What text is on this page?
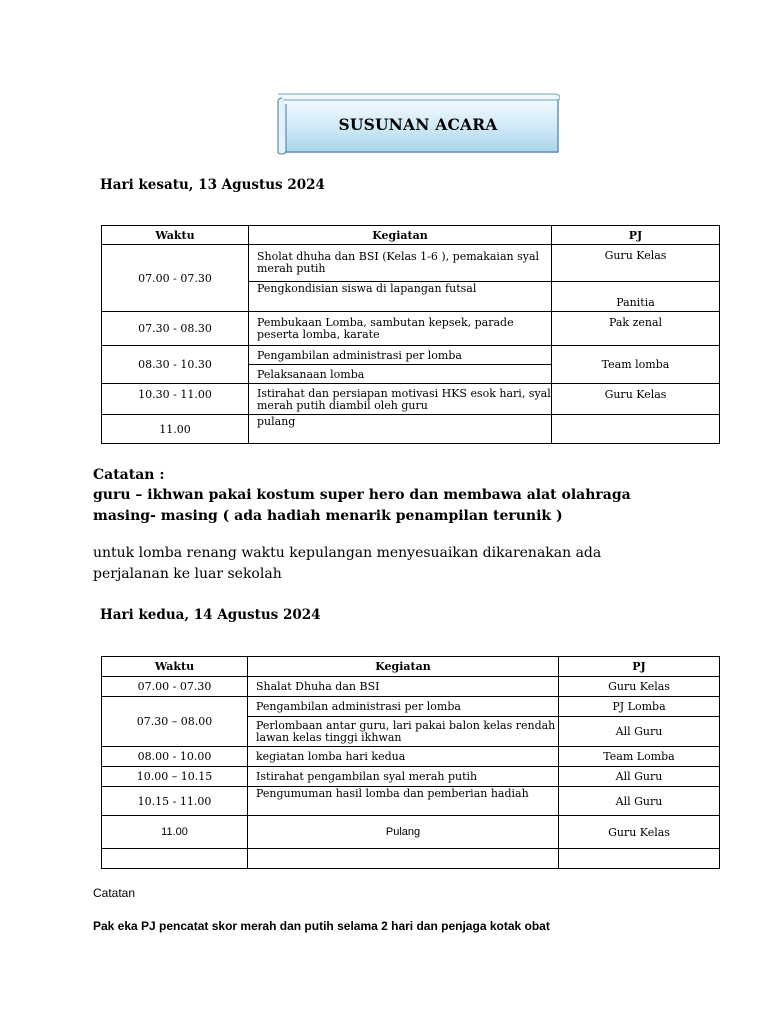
SUSUNAN ACARA
Hari kesatu, 13 Agustus 2024
Waktu	Kegiatan	PJ
07.00 - 07.30	Sholat dhuha dan BSI (Kelas 1-6 ), pemakaian syal merah putih	Guru Kelas
	Pengkondisian siswa di lapangan futsal	Panitia
07.30 - 08.30	Pembukaan Lomba, sambutan kepsek, parade peserta lomba, karate	Pak zenal
08.30 - 10.30	Pengambilan administrasi per lomba	Team lomba
	Pelaksanaan lomba	
10.30 - 11.00	Istirahat dan persiapan motivasi HKS esok hari, syal merah putih diambil oleh guru	Guru Kelas
11.00	pulang	
Catatan :
guru – ikhwan pakai kostum super hero dan membawa alat olahraga
masing- masing ( ada hadiah menarik penampilan terunik )
untuk lomba renang waktu kepulangan menyesuaikan dikarenakan ada
perjalanan ke luar sekolah
Hari kedua, 14 Agustus 2024
Waktu	Kegiatan	PJ
07.00 - 07.30	Shalat Dhuha dan BSI	Guru Kelas
07.30 – 08.00	Pengambilan administrasi per lomba	PJ Lomba

	Perlombaan antar guru, lari pakai balon kelas rendah lawan kelas tinggi ikhwan	All Guru
08.00 - 10.00	kegiatan lomba hari kedua	Team Lomba
10.00 – 10.15	Istirahat pengambilan syal merah putih	All Guru
10.15 - 11.00	Pengumuman hasil lomba dan pemberian hadiah	All Guru
11.00	Pulang	Guru Kelas

Catatan
Pak eka PJ pencatat skor merah dan putih selama 2 hari dan penjaga kotak obat
